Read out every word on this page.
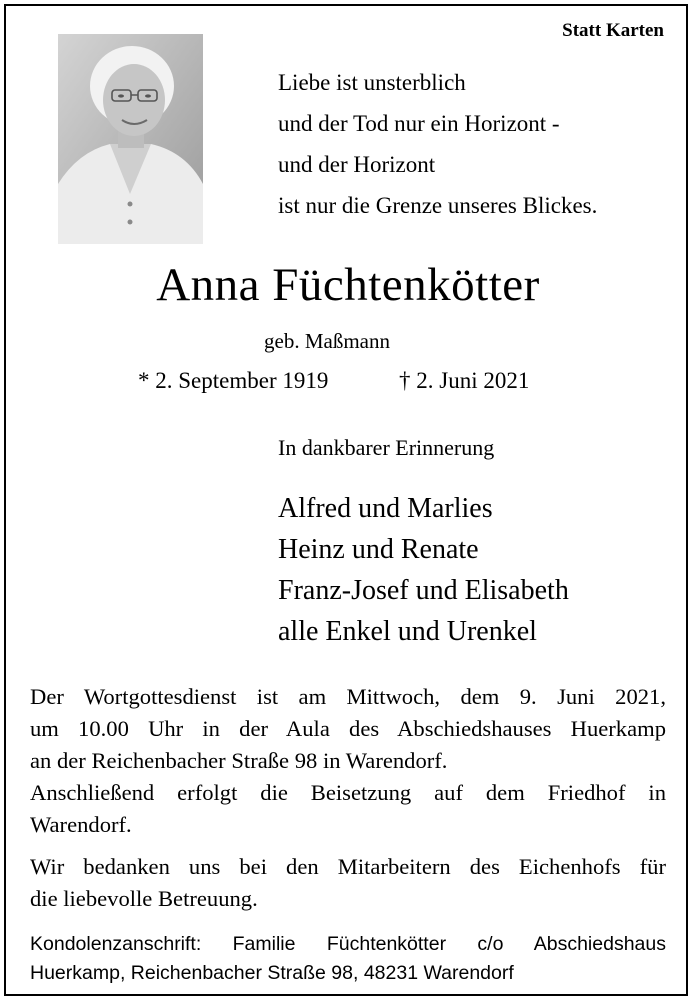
Statt Karten
Liebe ist unsterblich
und der Tod nur ein Horizont -
und der Horizont
ist nur die Grenze unseres Blickes.
Anna Füchtenkötter
geb. Maßmann
* 2. September 1919	† 2. Juni 2021
In dankbarer Erinnerung
Alfred und Marlies
Heinz und Renate
Franz-Josef und Elisabeth
alle Enkel und Urenkel
Der Wortgottesdienst ist am Mittwoch, dem 9. Juni 2021,
um 10.00 Uhr in der Aula des Abschiedshauses Huerkamp
an der Reichenbacher Straße 98 in Warendorf.
Anschließend erfolgt die Beisetzung auf dem Friedhof in
Warendorf.
Wir bedanken uns bei den Mitarbeitern des Eichenhofs für
die liebevolle Betreuung.
Kondolenzanschrift: Familie Füchtenkötter c/o Abschiedshaus
Huerkamp, Reichenbacher Straße 98, 48231 Warendorf
